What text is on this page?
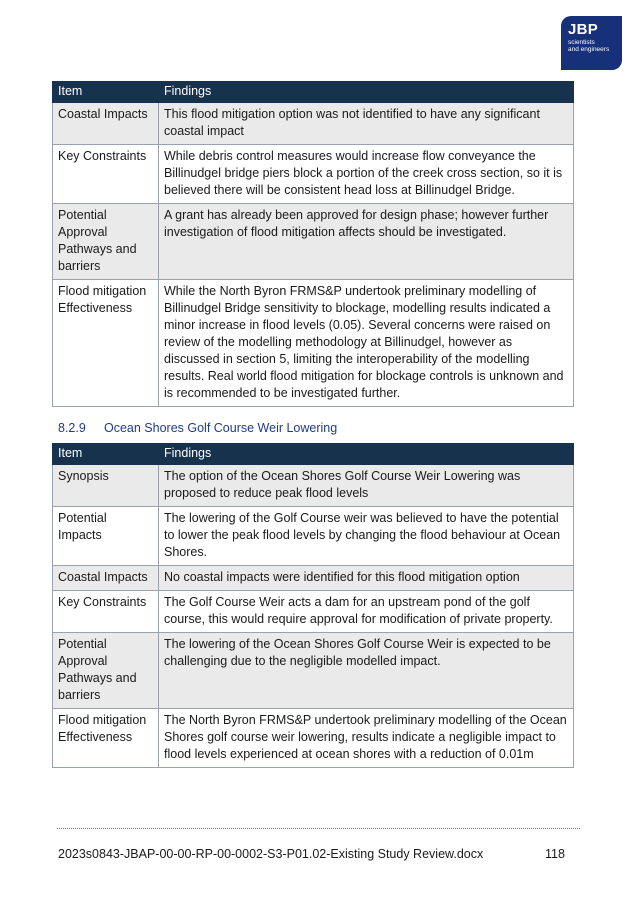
JBP
scientists
and engineers
Item	Findings
Coastal Impacts	This flood mitigation option was not identified to have any significant coastal impact
Key Constraints	While debris control measures would increase flow conveyance the Billinudgel bridge piers block a portion of the creek cross section, so it is believed there will be consistent head loss at Billinudgel Bridge.
Potential Approval Pathways and barriers	A grant has already been approved for design phase; however further investigation of flood mitigation affects should be investigated.
Flood mitigation Effectiveness	While the North Byron FRMS&P undertook preliminary modelling of Billinudgel Bridge sensitivity to blockage, modelling results indicated a minor increase in flood levels (0.05). Several concerns were raised on review of the modelling methodology at Billinudgel, however as discussed in section 5, limiting the interoperability of the modelling results. Real world flood mitigation for blockage controls is unknown and is recommended to be investigated further.
8.2.9 Ocean Shores Golf Course Weir Lowering
Item	Findings
Synopsis	The option of the Ocean Shores Golf Course Weir Lowering was proposed to reduce peak flood levels
Potential Impacts	The lowering of the Golf Course weir was believed to have the potential to lower the peak flood levels by changing the flood behaviour at Ocean Shores.
Coastal Impacts	No coastal impacts were identified for this flood mitigation option
Key Constraints	The Golf Course Weir acts a dam for an upstream pond of the golf course, this would require approval for modification of private property.
Potential Approval Pathways and barriers	The lowering of the Ocean Shores Golf Course Weir is expected to be challenging due to the negligible modelled impact.
Flood mitigation Effectiveness	The North Byron FRMS&P undertook preliminary modelling of the Ocean Shores golf course weir lowering, results indicate a negligible impact to flood levels experienced at ocean shores with a reduction of 0.01m
2023s0843-JBAP-00-00-RP-00-0002-S3-P01.02-Existing Study Review.docx	118
